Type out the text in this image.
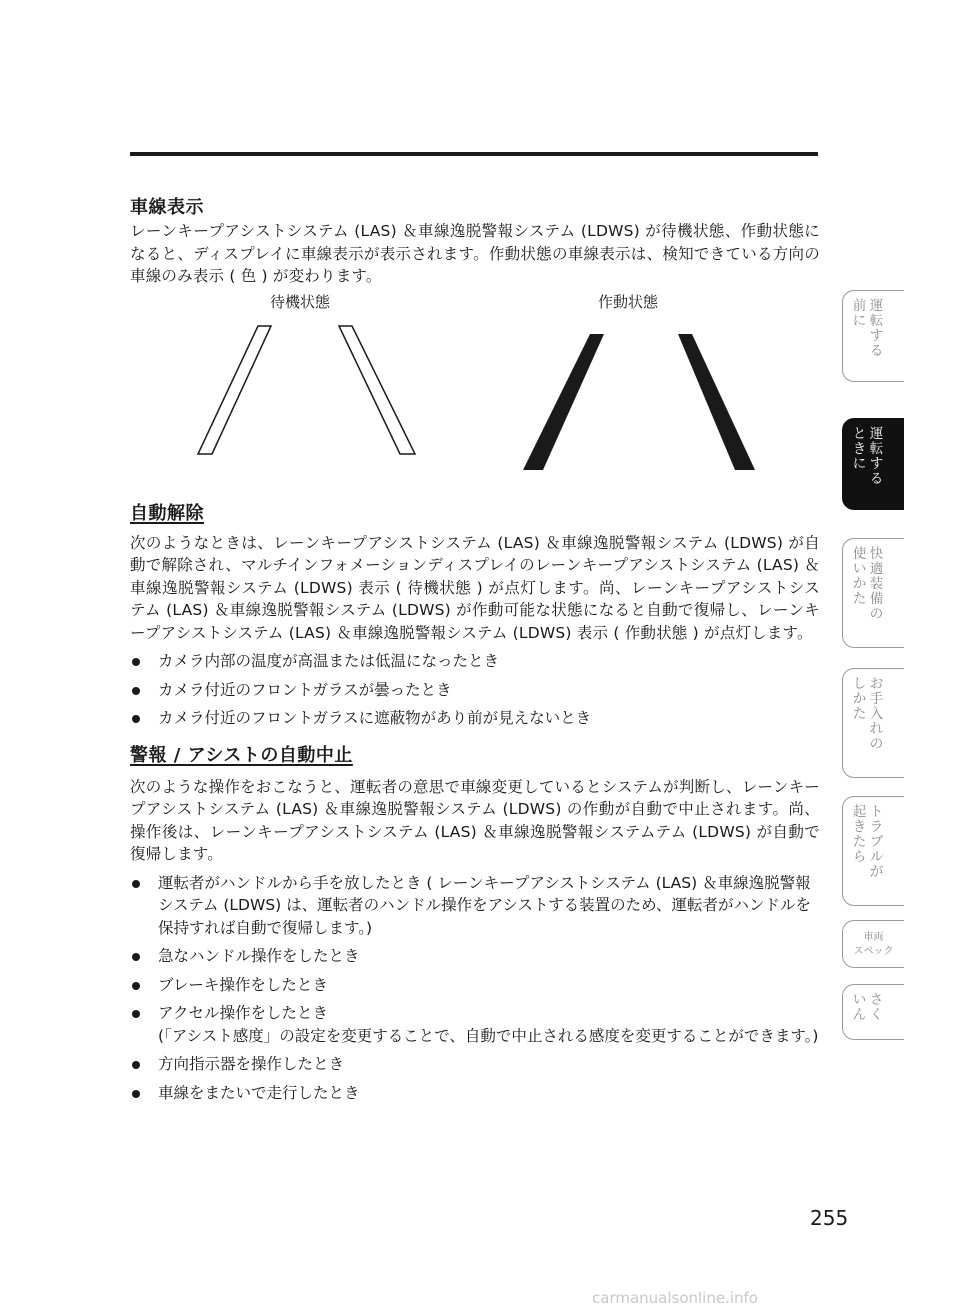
車線表示

レーンキープアシストシステム (LAS) ＆車線逸脱警報システム (LDWS) が待機状態、作動状態になると、ディスプレイに車線表示が表示されます。作動状態の車線表示は、検知できている方向の車線のみ表示 ( 色 ) が変わります。

待機状態	作動状態
自動解除

次のようなときは、レーンキープアシストシステム (LAS) ＆車線逸脱警報システム (LDWS) が自動で解除され、マルチインフォメーションディスプレイのレーンキープアシストシステム (LAS) ＆車線逸脱警報システム (LDWS) 表示 ( 待機状態 ) が点灯します。尚、レーンキープアシストシステム (LAS) ＆車線逸脱警報システム (LDWS) が作動可能な状態になると自動で復帰し、レーンキープアシストシステム (LAS) ＆車線逸脱警報システム (LDWS) 表示 ( 作動状態 ) が点灯します。

カメラ内部の温度が高温または低温になったとき
カメラ付近のフロントガラスが曇ったとき
カメラ付近のフロントガラスに遮蔽物があり前が見えないとき
警報 / アシストの自動中止

次のような操作をおこなうと、運転者の意思で車線変更しているとシステムが判断し、レーンキープアシストシステム (LAS) ＆車線逸脱警報システム (LDWS) の作動が自動で中止されます。尚、操作後は、レーンキープアシストシステム (LAS) ＆車線逸脱警報システムテム (LDWS) が自動で復帰します。

運転者がハンドルから手を放したとき ( レーンキープアシストシステム (LAS) ＆車線逸脱警報システム (LDWS) は、運転者のハンドル操作をアシストする装置のため、運転者がハンドルを保持すれば自動で復帰します。)
急なハンドル操作をしたとき
ブレーキ操作をしたとき
アクセル操作をしたとき
(「アシスト感度」の設定を変更することで、自動で中止される感度を変更することができます。)
方向指示器を操作したとき
車線をまたいで走行したとき
運
転
す
る
前
に
運
転
す
る
と
き
に
快
適
装
備
の
使
い
か
た
お
手
入
れ
の
し
か
た
ト
ラ
ブ
ル
が
起
き
た
ら
車両
スペック
さ
く
い
ん
255
carmanualsonline.info
